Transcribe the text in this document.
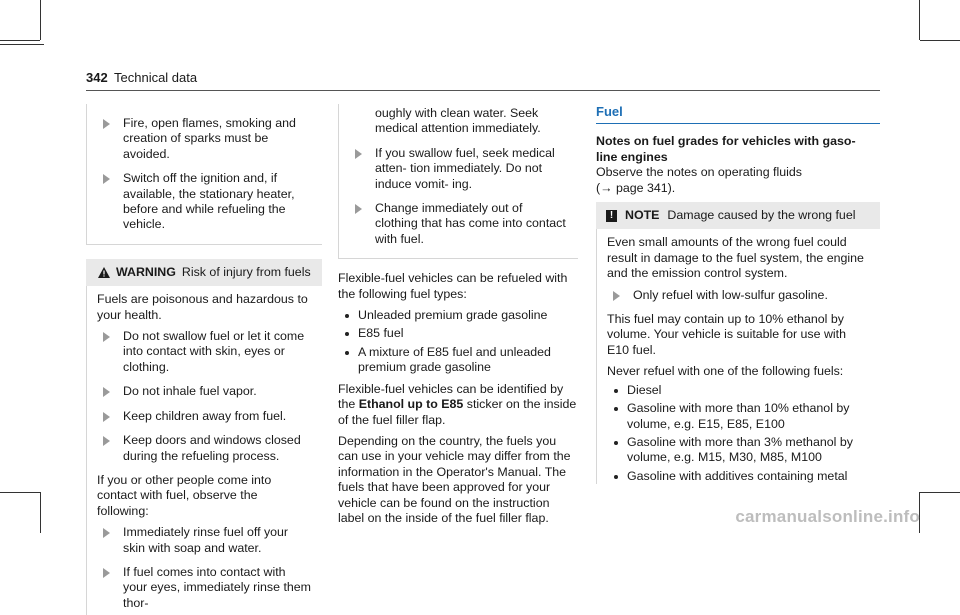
342 Technical data
Fire, open flames, smoking and creation of sparks must be avoided.
Switch off the ignition and, if available, the stationary heater, before and while refueling the vehicle.
WARNING Risk of injury from fuels
Fuels are poisonous and hazardous to your health.
Do not swallow fuel or let it come into contact with skin, eyes or clothing.
Do not inhale fuel vapor.
Keep children away from fuel.
Keep doors and windows closed during the refueling process.
If you or other people come into contact with fuel, observe the following:
Immediately rinse fuel off your skin with soap and water.
If fuel comes into contact with your eyes, immediately rinse them thor-
oughly with clean water. Seek medical attention immediately.
If you swallow fuel, seek medical atten- tion immediately. Do not induce vomit- ing.
Change immediately out of clothing that has come into contact with fuel.
Flexible-fuel vehicles can be refueled with the following fuel types:
Unleaded premium grade gasoline
E85 fuel
A mixture of E85 fuel and unleaded premium grade gasoline
Flexible-fuel vehicles can be identified by the Ethanol up to E85 sticker on the inside of the fuel filler flap.
Depending on the country, the fuels you can use in your vehicle may differ from the information in the Operator's Manual. The fuels that have been approved for your vehicle can be found on the instruction label on the inside of the fuel filler flap.
Fuel
Notes on fuel grades for vehicles with gaso- line engines
Observe the notes on operating fluids
(→ page 341).
! NOTE Damage caused by the wrong fuel
Even small amounts of the wrong fuel could result in damage to the fuel system, the engine and the emission control system.
Only refuel with low-sulfur gasoline.
This fuel may contain up to 10% ethanol by volume. Your vehicle is suitable for use with E10 fuel.
Never refuel with one of the following fuels:
Diesel
Gasoline with more than 10% ethanol by volume, e.g. E15, E85, E100
Gasoline with more than 3% methanol by volume, e.g. M15, M30, M85, M100
Gasoline with additives containing metal
carmanualsonline.info
